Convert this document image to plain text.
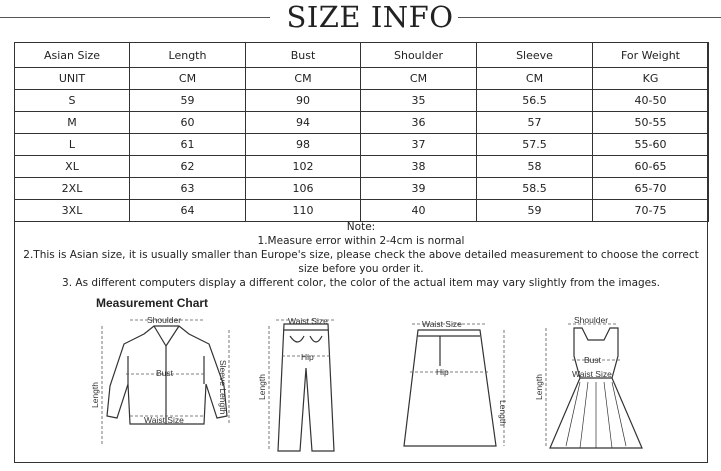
SIZE INFO
Asian Size	Length	Bust	Shoulder	Sleeve	For Weight
UNIT	CM	CM	CM	CM	KG
S	59	90	35	56.5	40-50
M	60	94	36	57	50-55
L	61	98	37	57.5	55-60
XL	62	102	38	58	60-65
2XL	63	106	39	58.5	65-70
3XL	64	110	40	59	70-75
Note:
1.Measure error within 2-4cm is normal
2.This is Asian size, it is usually smaller than Europe's size, please check the above detailed measurement to choose the correct size before you order it.
3. As different computers display a different color, the color of the actual item may vary slightly from the images.
Measurement Chart
Shoulder
Bust
Waist Size
Length	Sleeve Length
Waist Size
Hip
Length
Waist Size
Hip
Length
Shoulder
Bust
Waist Size
Length
